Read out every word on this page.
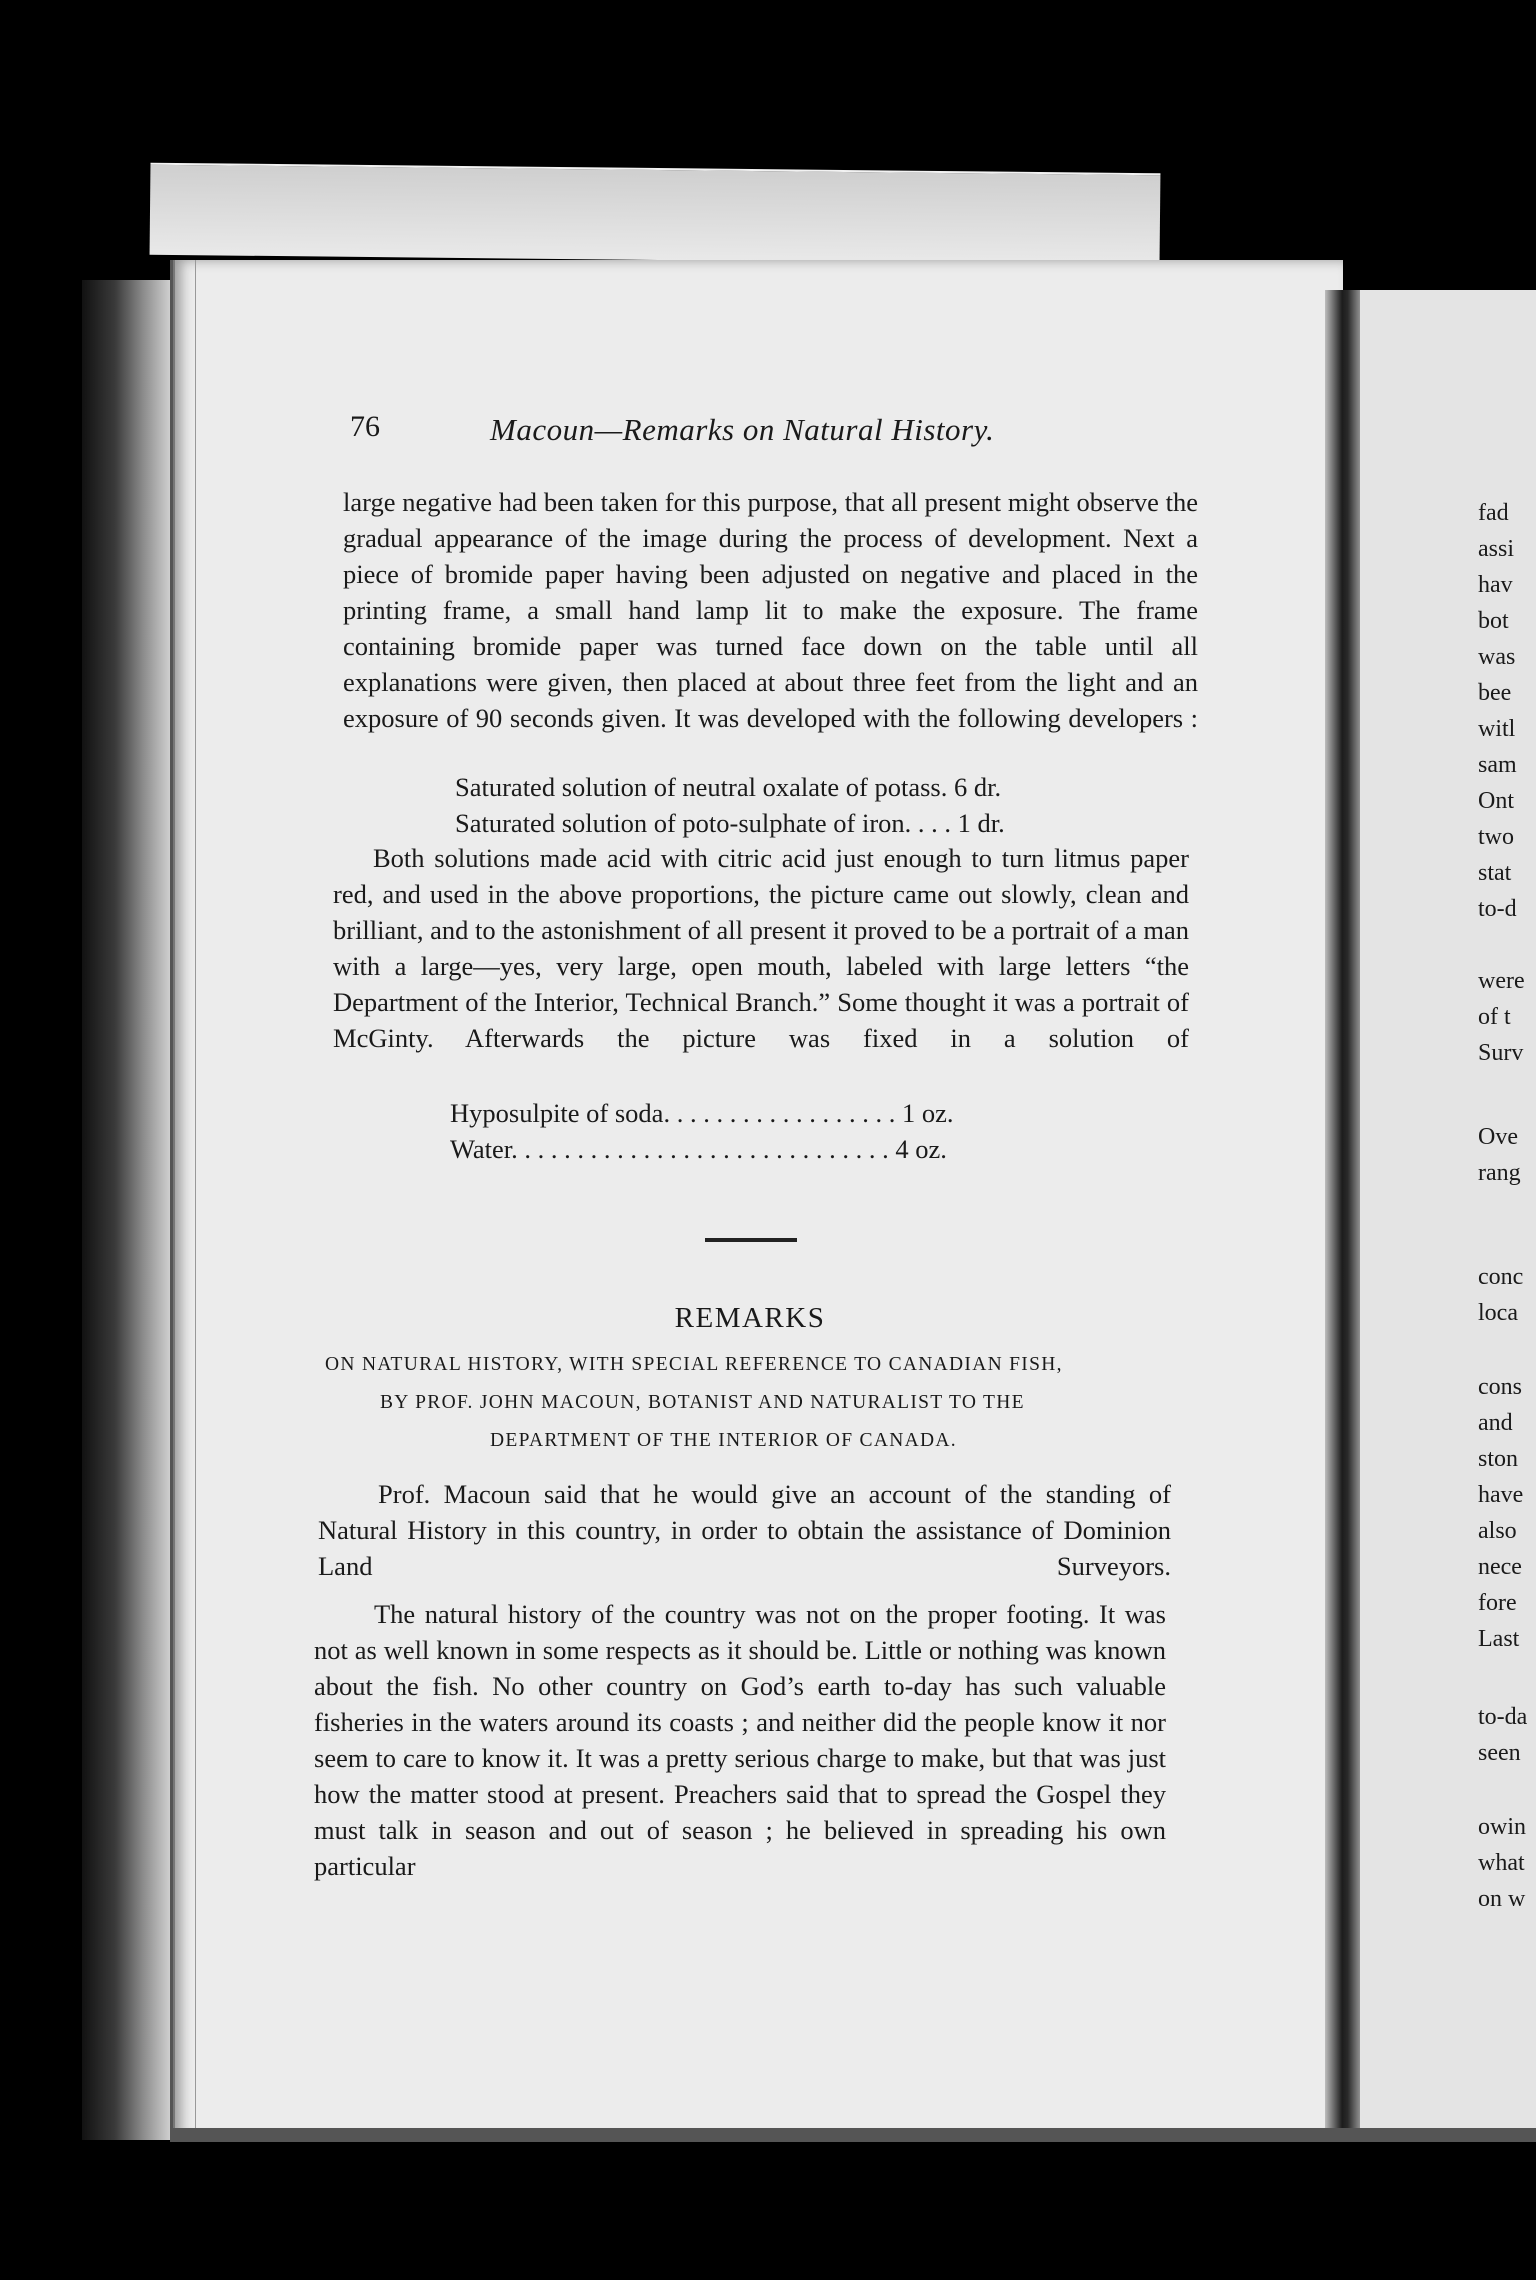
76	Macoun—Remarks on Natural History.

large negative had been taken for this purpose, that all present might observe the gradual appearance of the image during the process of development. Next a piece of bromide paper having been adjusted on negative and placed in the printing frame, a small hand lamp lit to make the exposure. The frame containing bromide paper was turned face down on the table until all explanations were given, then placed at about three feet from the light and an exposure of 90 seconds given. It was developed with the following developers :

Saturated solution of neutral oxalate of potass. 6 dr.
Saturated solution of poto-sulphate of iron. . . . 1 dr.

Both solutions made acid with citric acid just enough to turn litmus paper red, and used in the above proportions, the picture came out slowly, clean and brilliant, and to the astonishment of all present it proved to be a portrait of a man with a large—yes, very large, open mouth, labeled with large letters “the Department of the Interior, Technical Branch.” Some thought it was a portrait of McGinty. Afterwards the picture was fixed in a solution of

Hyposulpite of soda. . . . . . . . . . . . . . . . . . 1 oz.
Water. . . . . . . . . . . . . . . . . . . . . . . . . . . . . 4 oz.
REMARKS
ON NATURAL HISTORY, WITH SPECIAL REFERENCE TO CANADIAN FISH,
BY PROF. JOHN MACOUN, BOTANIST AND NATURALIST TO THE
DEPARTMENT OF THE INTERIOR OF CANADA.

Prof. Macoun said that he would give an account of the standing of Natural History in this country, in order to obtain the assistance of Dominion Land Surveyors.

The natural history of the country was not on the proper footing. It was not as well known in some respects as it should be. Little or nothing was known about the fish. No other country on God’s earth to-day has such valuable fisheries in the waters around its coasts ; and neither did the people know it nor seem to care to know it. It was a pretty serious charge to make, but that was just how the matter stood at present. Preachers said that to spread the Gospel they must talk in season and out of season ; he believed in spreading his own particular

fad
assi
hav
bot
was
bee
witl
sam
Ont
two
stat
to-d
were
of t
Surv
Ove
rang
conc
loca
cons
and
ston
have
also
nece
fore
Last
to-da
seen
owin
what
on w
